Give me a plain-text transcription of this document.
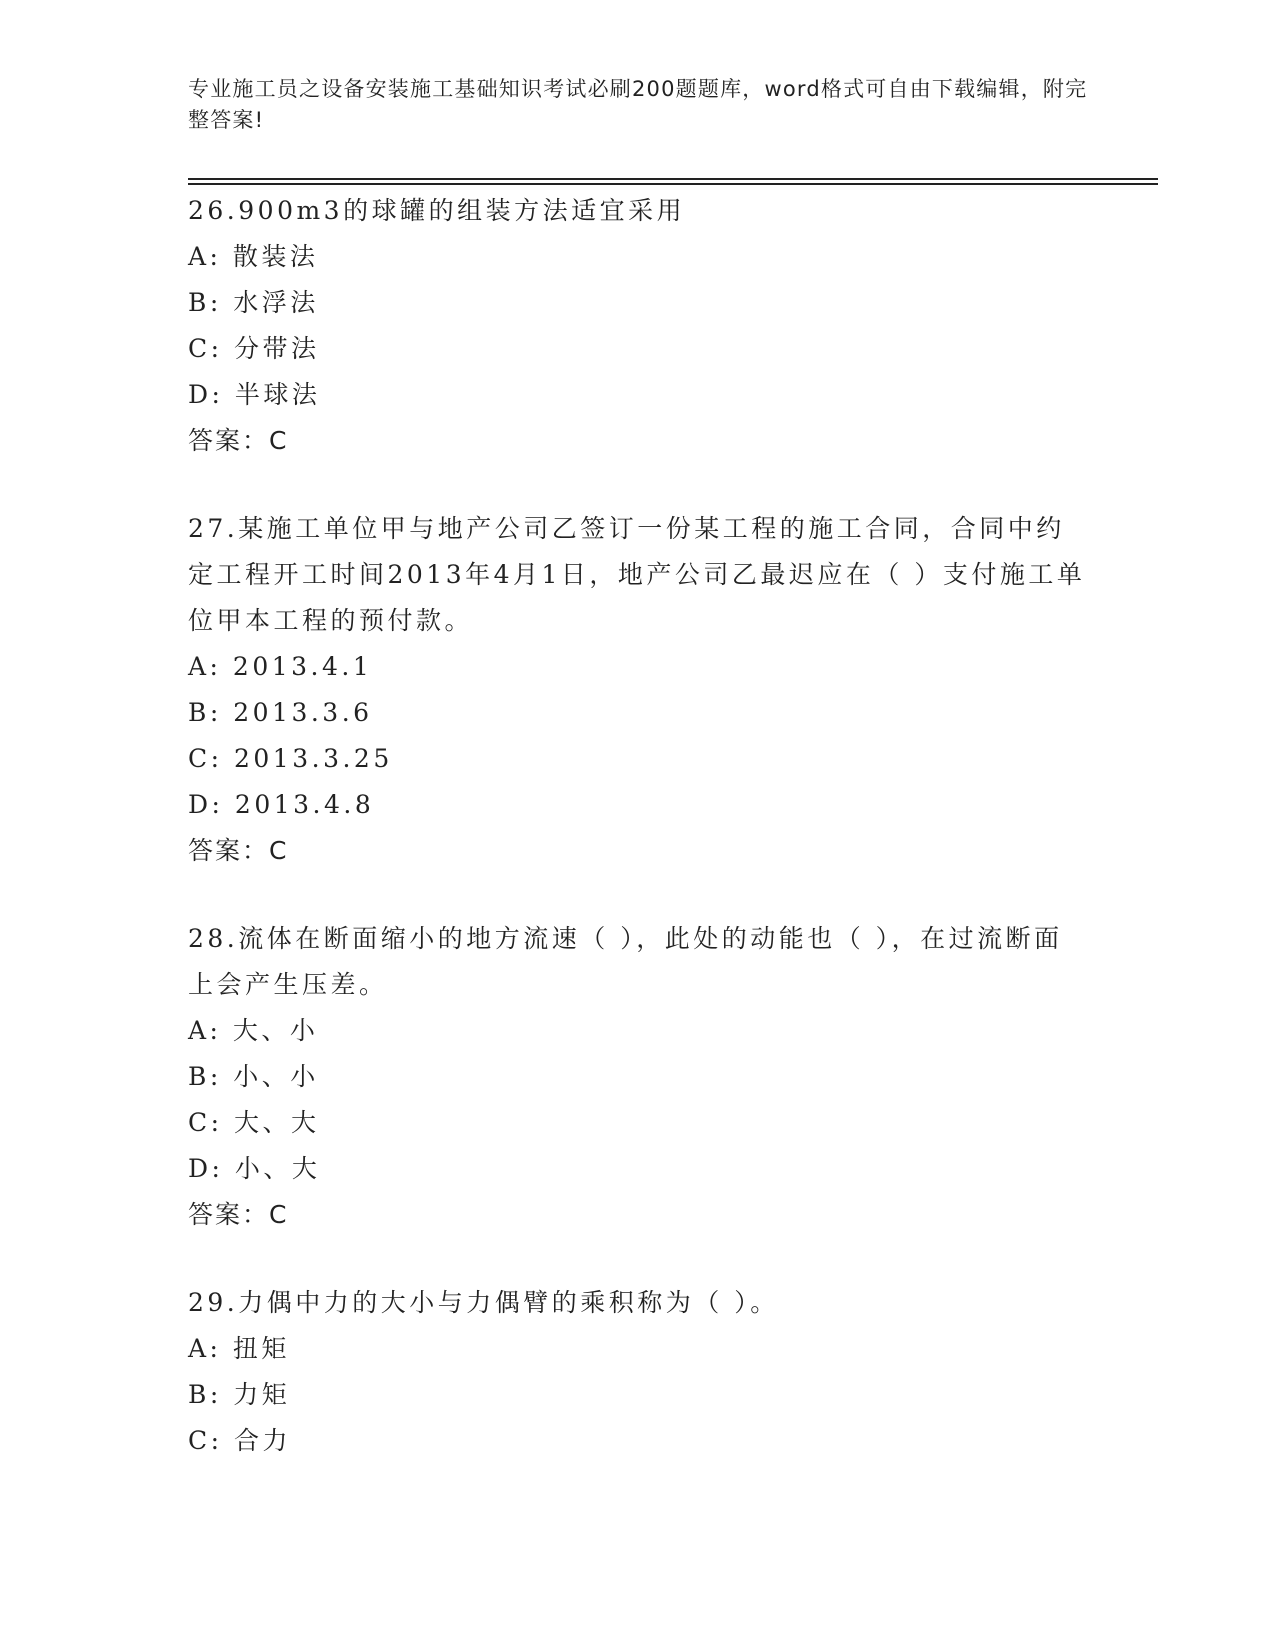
专业施工员之设备安装施工基础知识考试必刷200题题库，word格式可自由下载编辑，附完整答案!

26.900m3的球罐的组装方法适宜采用

A: 散装法

B: 水浮法

C: 分带法

D: 半球法

答案：C

27.某施工单位甲与地产公司乙签订一份某工程的施工合同，合同中约定工程开工时间2013年4月1日，地产公司乙最迟应在（ ）支付施工单位甲本工程的预付款。

A: 2013.4.1

B: 2013.3.6

C: 2013.3.25

D: 2013.4.8

答案：C

28.流体在断面缩小的地方流速（ ），此处的动能也（ ），在过流断面上会产生压差。

A: 大、小

B: 小、小

C: 大、大

D: 小、大

答案：C

29.力偶中力的大小与力偶臂的乘积称为（ ）。

A: 扭矩

B: 力矩

C: 合力
